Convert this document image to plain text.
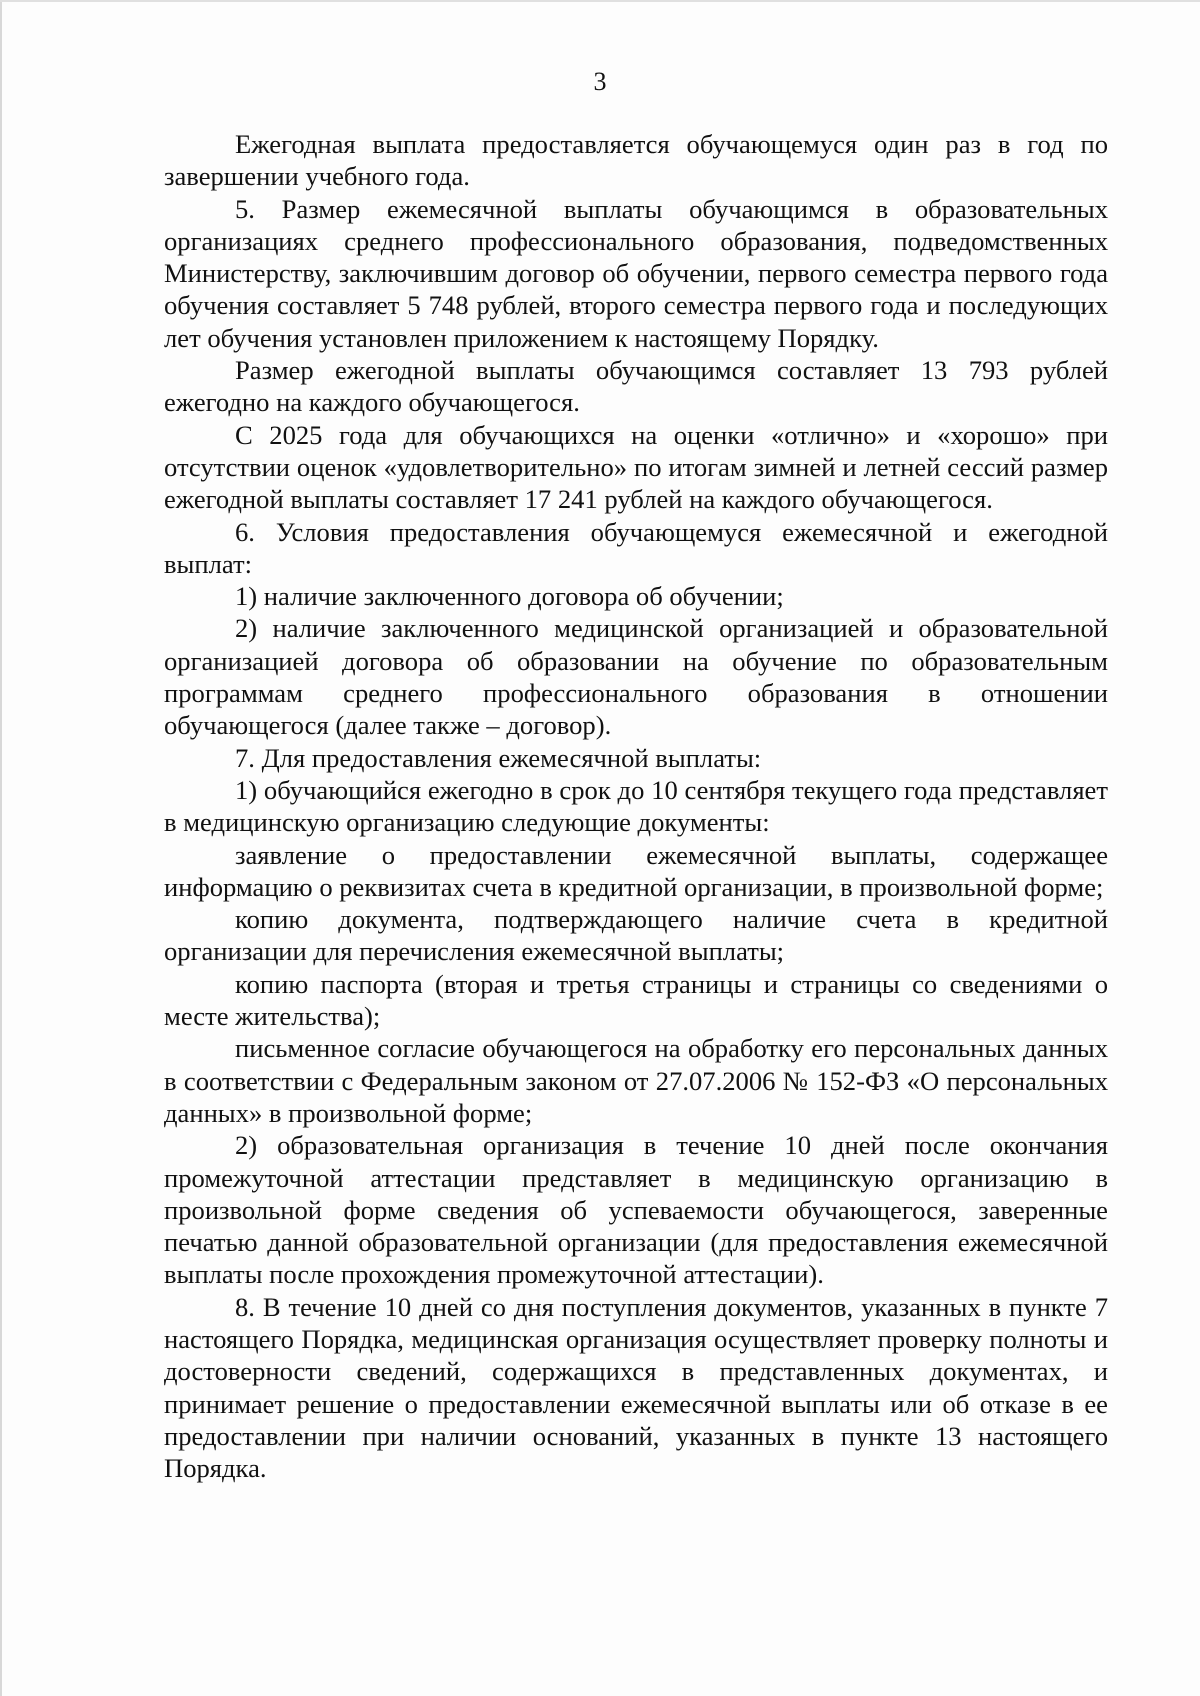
3

Ежегодная выплата предоставляется обучающемуся один раз в год по завершении учебного года.

5. Размер ежемесячной выплаты обучающимся в образовательных организациях среднего профессионального образования, подведомственных Министерству, заключившим договор об обучении, первого семестра первого года обучения составляет 5 748 рублей, второго семестра первого года и последующих лет обучения установлен приложением к настоящему Порядку.

Размер ежегодной выплаты обучающимся составляет 13 793 рублей ежегодно на каждого обучающегося.

С 2025 года для обучающихся на оценки «отлично» и «хорошо» при отсутствии оценок «удовлетворительно» по итогам зимней и летней сессий размер ежегодной выплаты составляет 17 241 рублей на каждого обучающегося.

6. Условия предоставления обучающемуся ежемесячной и ежегодной выплат:

1) наличие заключенного договора об обучении;

2) наличие заключенного медицинской организацией и образовательной организацией договора об образовании на обучение по образовательным программам среднего профессионального образования в отношении обучающегося (далее также – договор).

7. Для предоставления ежемесячной выплаты:

1) обучающийся ежегодно в срок до 10 сентября текущего года представляет в медицинскую организацию следующие документы:

заявление о предоставлении ежемесячной выплаты, содержащее информацию о реквизитах счета в кредитной организации, в произвольной форме;

копию документа, подтверждающего наличие счета в кредитной организации для перечисления ежемесячной выплаты;

копию паспорта (вторая и третья страницы и страницы со сведениями о месте жительства);

письменное согласие обучающегося на обработку его персональных данных в соответствии с Федеральным законом от 27.07.2006 № 152-ФЗ «О персональных данных» в произвольной форме;

2) образовательная организация в течение 10 дней после окончания промежуточной аттестации представляет в медицинскую организацию в произвольной форме сведения об успеваемости обучающегося, заверенные печатью данной образовательной организации (для предоставления ежемесячной выплаты после прохождения промежуточной аттестации).

8. В течение 10 дней со дня поступления документов, указанных в пункте 7 настоящего Порядка, медицинская организация осуществляет проверку полноты и достоверности сведений, содержащихся в представленных документах, и принимает решение о предоставлении ежемесячной выплаты или об отказе в ее предоставлении при наличии оснований, указанных в пункте 13 настоящего Порядка.
